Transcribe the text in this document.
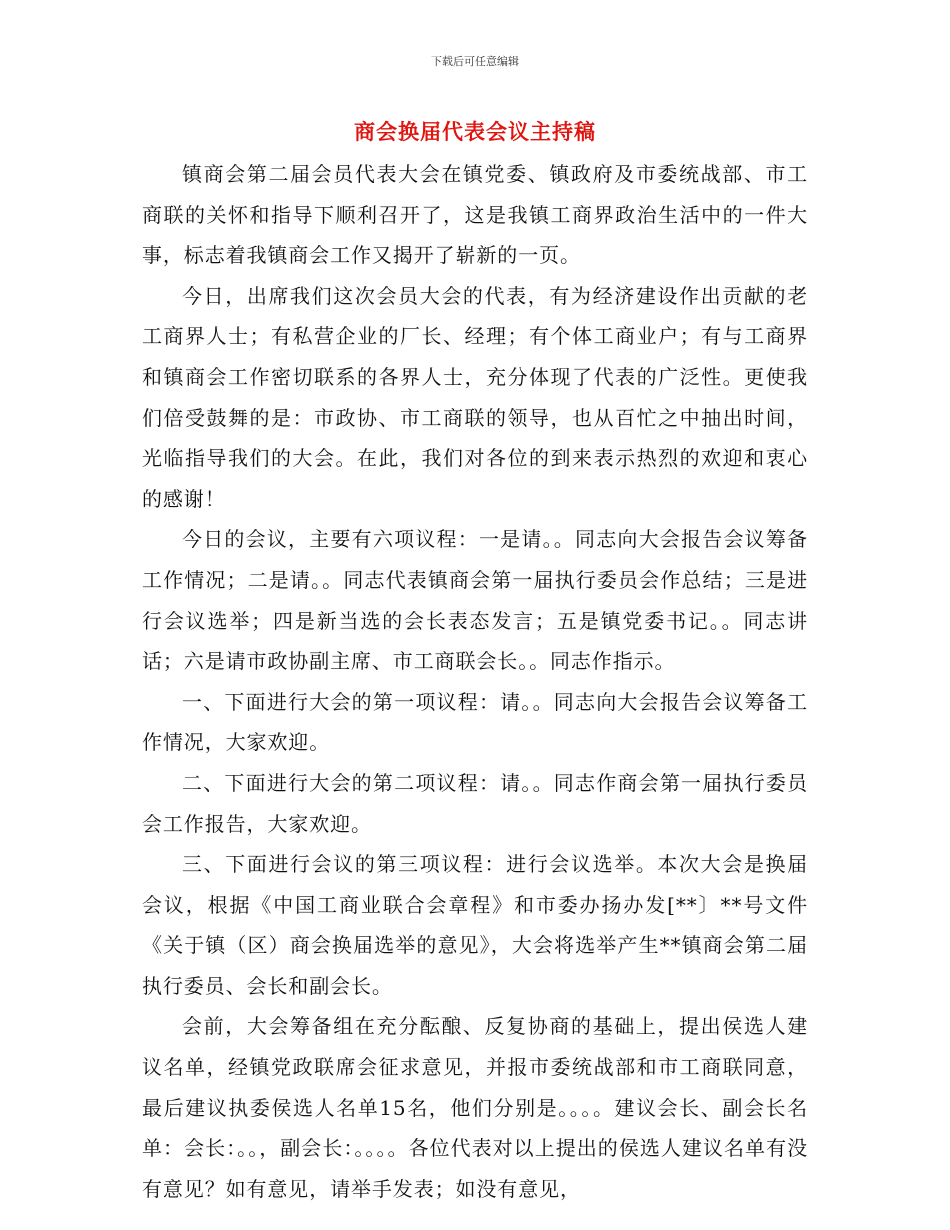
下载后可任意编辑
商会换届代表会议主持稿

镇商会第二届会员代表大会在镇党委、镇政府及市委统战部、市工商联的关怀和指导下顺利召开了，这是我镇工商界政治生活中的一件大事，标志着我镇商会工作又揭开了崭新的一页。

今日，出席我们这次会员大会的代表，有为经济建设作出贡献的老工商界人士；有私营企业的厂长、经理；有个体工商业户；有与工商界和镇商会工作密切联系的各界人士，充分体现了代表的广泛性。更使我们倍受鼓舞的是：市政协、市工商联的领导，也从百忙之中抽出时间，光临指导我们的大会。在此，我们对各位的到来表示热烈的欢迎和衷心的感谢！

今日的会议，主要有六项议程：一是请。。同志向大会报告会议筹备工作情况；二是请。。同志代表镇商会第一届执行委员会作总结；三是进行会议选举；四是新当选的会长表态发言；五是镇党委书记。。同志讲话；六是请市政协副主席、市工商联会长。。同志作指示。

一、下面进行大会的第一项议程：请。。同志向大会报告会议筹备工作情况，大家欢迎。

二、下面进行大会的第二项议程：请。。同志作商会第一届执行委员会工作报告，大家欢迎。

三、下面进行会议的第三项议程：进行会议选举。本次大会是换届会议，根据《中国工商业联合会章程》和市委办扬办发[**〕**号文件《关于镇（区）商会换届选举的意见》，大会将选举产生**镇商会第二届执行委员、会长和副会长。

会前，大会筹备组在充分酝酿、反复协商的基础上，提出侯选人建议名单，经镇党政联席会征求意见，并报市委统战部和市工商联同意，最后建议执委侯选人名单15名，他们分别是。。。。建议会长、副会长名单：会长：。。，副会长：。。。。各位代表对以上提出的侯选人建议名单有没有意见？如有意见，请举手发表；如没有意见，
